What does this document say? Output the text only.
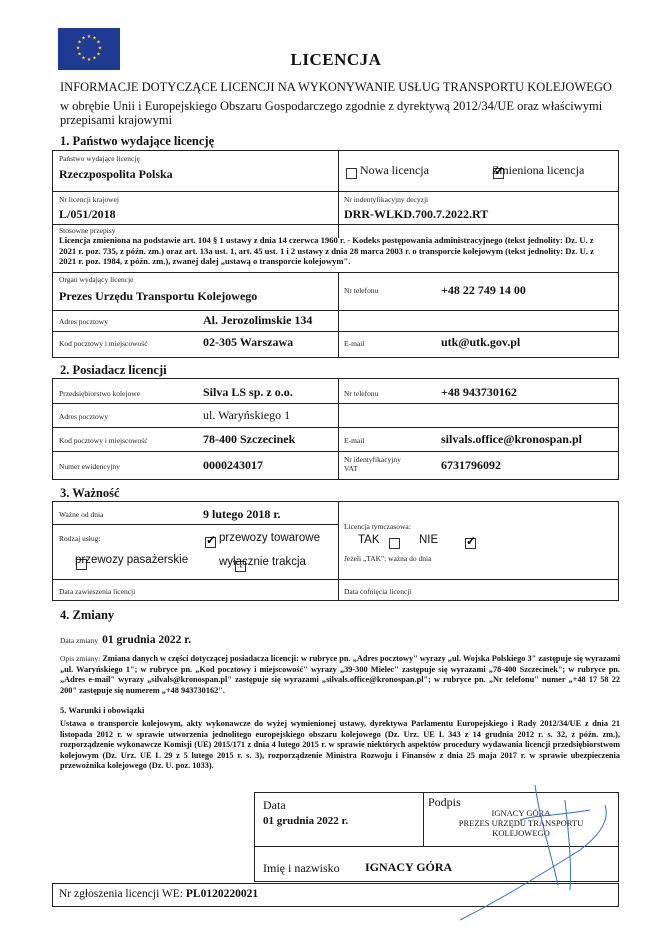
★ ★
★
★
★
★
★
★
★
★
★
★
LICENCJA
INFORMACJE DOTYCZĄCE LICENCJI NA WYKONYWANIE USŁUG TRANSPORTU KOLEJOWEGO
w obrębie Unii i Europejskiego Obszaru Gospodarczego zgodnie z dyrektywą 2012/34/UE oraz właściwymi przepisami krajowymi
1. Państwo wydające licencję
Państwo wydające licencję
Rzeczpospolita Polska
	Nowa licencja ✓	Zmieniona licencja
Nr licencji krajowej
L/051/2018
Nr indentyfikacyjny decyzji
DRR-WLKD.700.7.2022.RT
Stosowne przepisy
Licencja zmieniona na podstawie art. 104 § 1 ustawy z dnia 14 czerwca 1960 r. - Kodeks postępowania administracyjnego (tekst jednolity: Dz. U. z 2021 r. poz. 735, z późn. zm.) oraz art. 13a ust. 1, art. 45 ust. 1 i 2 ustawy z dnia 28 marca 2003 r. o transporcie kolejowym (tekst jednolity: Dz. U. z 2021 r. poz. 1984, z późn. zm.), zwanej dalej „ustawą o transporcie kolejowym".
Organ wydający licencje
Prezes Urzędu Transportu Kolejowego	Nr telefonu	+48 22 749 14 00
Adres pocztowy	Al. Jerozolimskie 134
Kod pocztowy i miejscowość	02-305 Warszawa	E-mail	utk@utk.gov.pl
2. Posiadacz licencji
Przedsiębiorstwo kolejowe	Silva LS sp. z o.o.	Nr telefonu	+48 943730162
Adres pocztowy	ul. Waryńskiego 1
Kod pocztowy i miejscowość	78-400 Szczecinek	E-mail	silvals.office@kronospan.pl
Numer ewidencyjny	0000243017	Nr identyfikacyjny VAT	6731796092
3. Ważność
Ważne od dnia	9 lutego 2018 r.
Rodzaj usług: ✓	przewozy towarowe

przewozy pasażerskie
	wyłącznie trakcja
Licencja tymczasowa:

TAK
✓	NIE
Jeżeli „TAK": ważna do dnia
Data zawieszenia licencji	Data cofnięcia licencji
4. Zmiany
Data zmiany 01 grudnia 2022 r.

Opis zmiany: Zmiana danych w części dotyczącej posiadacza licencji: w rubryce pn. „Adres pocztowy" wyrazy „ul. Wojska Polskiego 3" zastępuje się wyrazami „ul. Waryńskiego 1"; w rubryce pn. „Kod pocztowy i miejscowość" wyrazy „39-300 Mielec" zastępuje się wyrazami „78-400 Szczecinek"; w rubryce pn. „Adres e-mail" wyrazy „silvals@kronospan.pl" zastępuje się wyrazami „silvals.office@kronospan.pl"; w rubryce pn. „Nr telefonu" numer „+48 17 58 22 200" zastępuje się numerem „+48 943730162".

5. Warunki i obowiązki
Ustawa o transporcie kolejowym, akty wykonawcze do wyżej wymienionej ustawy, dyrektywa Parlamentu Europejskiego i Rady 2012/34/UE z dnia 21 listopada 2012 r. w sprawie utworzenia jednolitego europejskiego obszaru kolejowego (Dz. Urz. UE L 343 z 14 grudnia 2012 r. s. 32, z późn. zm.), rozporządzenie wykonawcze Komisji (UE) 2015/171 z dnia 4 lutego 2015 r. w sprawie niektórych aspektów procedury wydawania licencji przedsiębiorstwom kolejowym (Dz. Urz. UE L 29 z 5 lutego 2015 r. s. 3), rozporządzenie Ministra Rozwoju i Finansów z dnia 25 maja 2017 r. w sprawie ubezpieczenia przewoźnika kolejowego (Dz. U. poz. 1033).
Data
01 grudnia 2022 r.
Podpis
IGNACY GÓRA
PREZES URZĘDU TRANSPORTU
KOLEJOWEGO
Imię i nazwisko IGNACY GÓRA
Nr zgłoszenia licencji WE: PL0120220021
